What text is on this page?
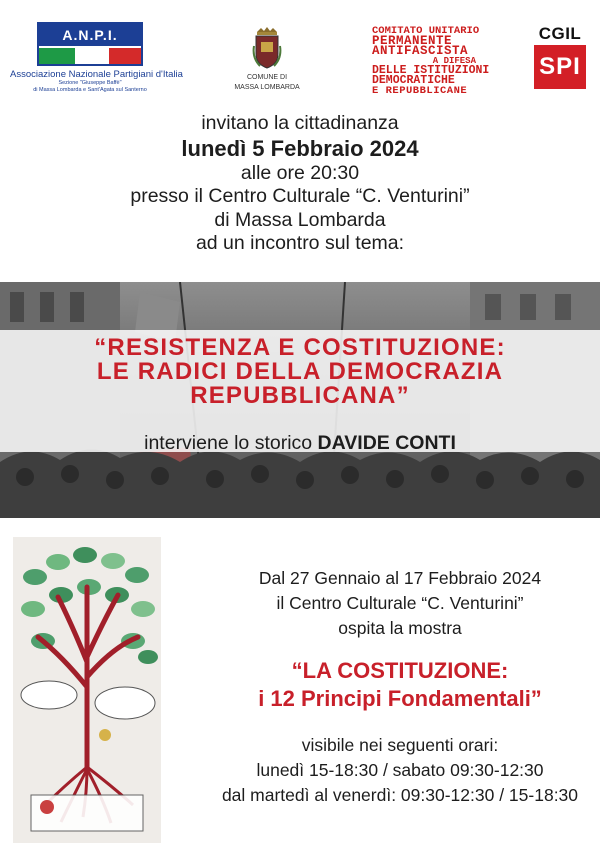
A.N.P.I.
Associazione Nazionale Partigiani d'Italia
Sezione "Giuseppe Baffè"
di Massa Lombarda e Sant'Agata sul Santerno
COMUNE DI
MASSA LOMBARDA
COMITATO UNITARIO
PERMANENTE
ANTIFASCISTA
A DIFESA
DELLE ISTITUZIONI
DEMOCRATICHE
E REPUBBLICANE
CGIL
SPI
invitano la cittadinanza
lunedì 5 Febbraio 2024
alle ore 20:30
presso il Centro Culturale “C. Venturini”
di Massa Lombarda
ad un incontro sul tema:
“RESISTENZA E COSTITUZIONE:
LE RADICI DELLA DEMOCRAZIA
REPUBBLICANA”
interviene lo storico DAVIDE CONTI
Dal 27 Gennaio al 17 Febbraio 2024
il Centro Culturale “C. Venturini”
ospita la mostra
“LA COSTITUZIONE:
i 12 Principi Fondamentali”
visibile nei seguenti orari:
lunedì 15-18:30 / sabato 09:30-12:30
dal martedì al venerdì: 09:30-12:30 / 15-18:30
